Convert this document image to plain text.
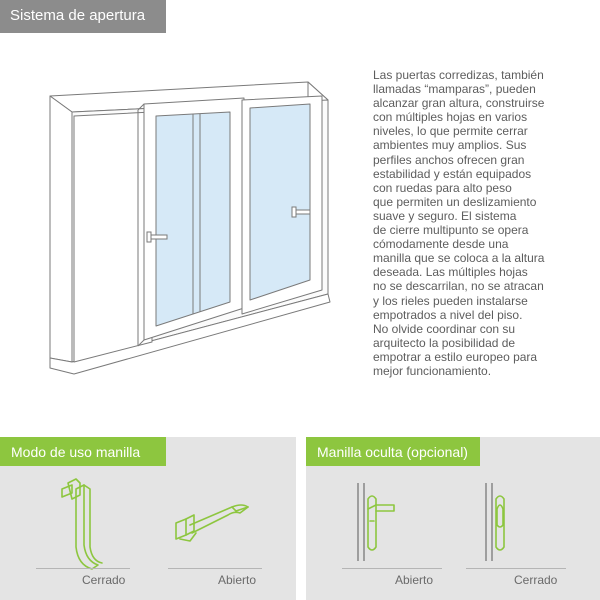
Sistema de apertura
Las puertas corredizas, también
llamadas “mamparas”, pueden
alcanzar gran altura, construirse
con múltiples hojas en varios
niveles, lo que permite cerrar
ambientes muy amplios. Sus
perfiles anchos ofrecen gran
estabilidad y están equipados
con ruedas para alto peso
que permiten un deslizamiento
suave y seguro. El sistema
de cierre multipunto se opera
cómodamente desde una
manilla que se coloca a la altura
deseada. Las múltiples hojas
no se descarrilan, no se atracan
y los rieles pueden instalarse
empotrados a nivel del piso.
No olvide coordinar con su
arquitecto la posibilidad de
empotrar a estilo europeo para
mejor funcionamiento.
Modo de uso manilla
Cerrado	Abierto
Manilla oculta (opcional)
Abierto	Cerrado
